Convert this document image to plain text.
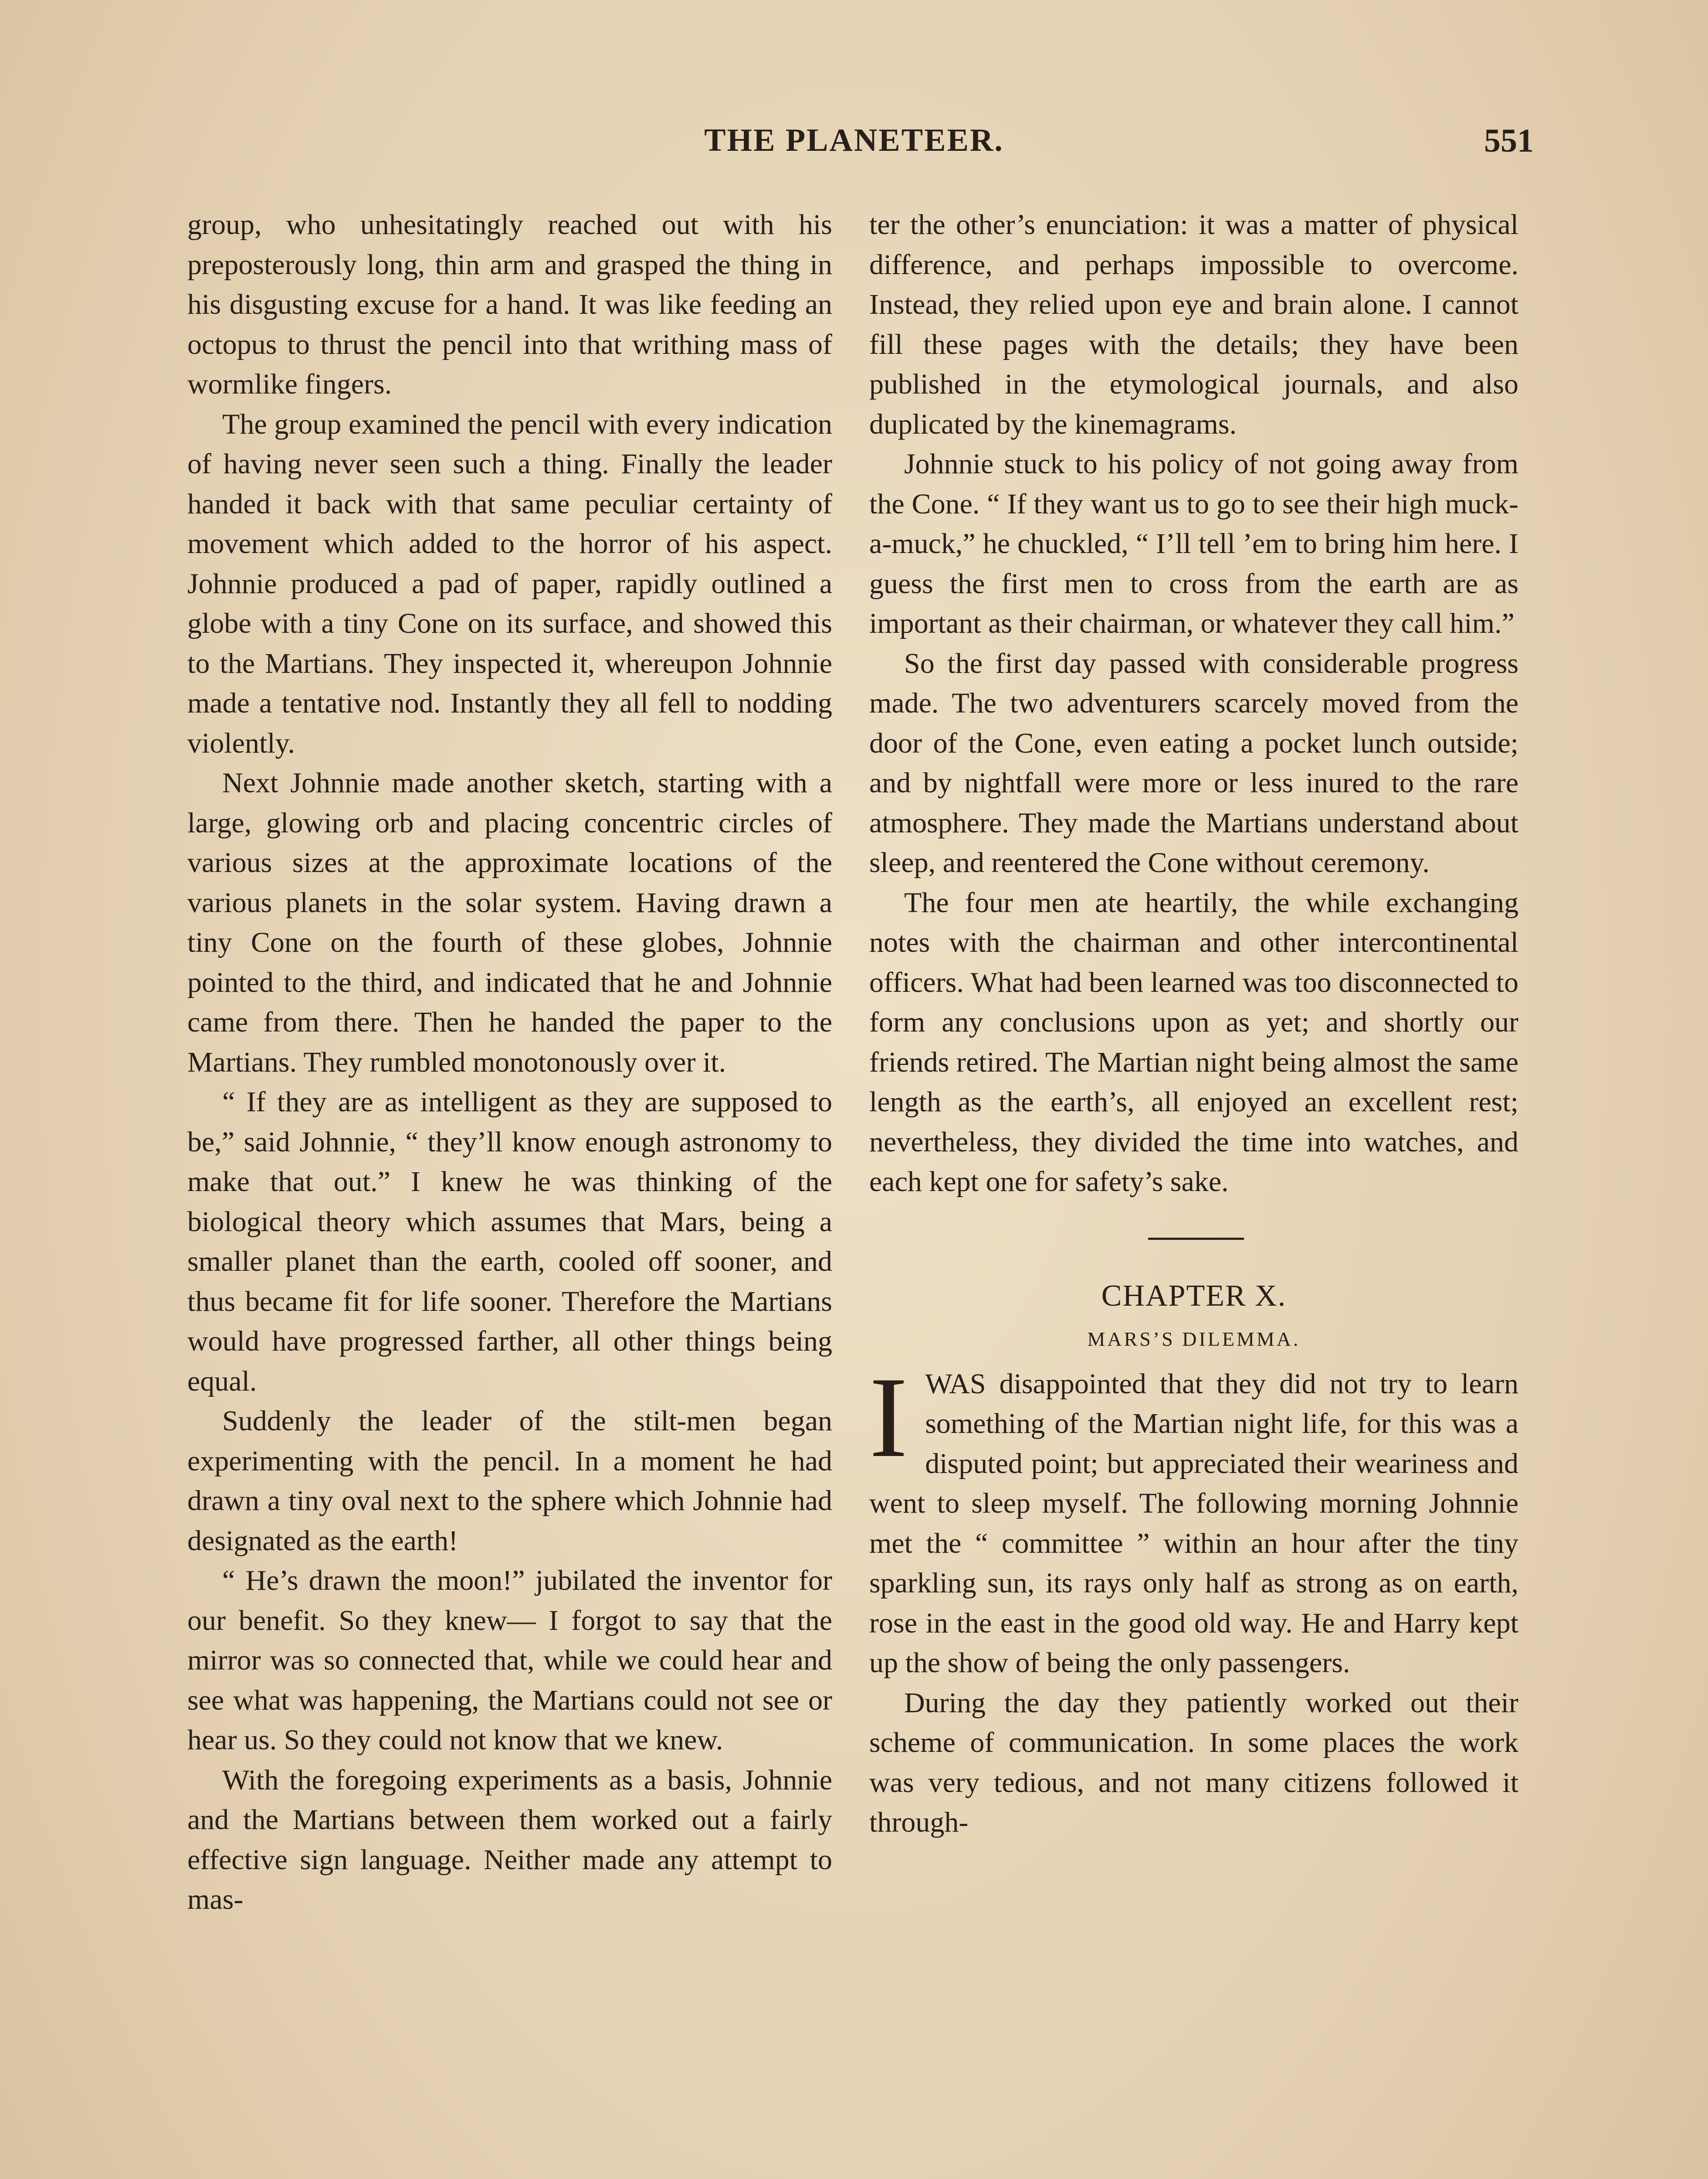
THE PLANETEER.	551

group, who unhesitatingly reached out with his preposterously long, thin arm and grasped the thing in his disgusting excuse for a hand. It was like feeding an octopus to thrust the pencil into that writhing mass of wormlike fingers.

The group examined the pencil with every indication of having never seen such a thing. Finally the leader handed it back with that same peculiar certainty of movement which added to the horror of his aspect. Johnnie produced a pad of paper, rapidly outlined a globe with a tiny Cone on its surface, and showed this to the Martians. They inspected it, whereupon Johnnie made a tentative nod. Instantly they all fell to nodding violently.

Next Johnnie made another sketch, starting with a large, glowing orb and placing concentric circles of various sizes at the approximate locations of the various planets in the solar system. Having drawn a tiny Cone on the fourth of these globes, Johnnie pointed to the third, and indicated that he and Johnnie came from there. Then he handed the paper to the Martians. They rumbled monotonously over it.

“ If they are as intelligent as they are supposed to be,” said Johnnie, “ they’ll know enough astronomy to make that out.” I knew he was thinking of the biological theory which assumes that Mars, being a smaller planet than the earth, cooled off sooner, and thus became fit for life sooner. Therefore the Martians would have progressed farther, all other things being equal.

Suddenly the leader of the stilt-men began experimenting with the pencil. In a moment he had drawn a tiny oval next to the sphere which Johnnie had designated as the earth!

“ He’s drawn the moon!” jubilated the inventor for our benefit. So they knew— I forgot to say that the mirror was so connected that, while we could hear and see what was happening, the Martians could not see or hear us. So they could not know that we knew.

With the foregoing experiments as a basis, Johnnie and the Martians between them worked out a fairly effective sign language. Neither made any attempt to mas-

ter the other’s enunciation: it was a matter of physical difference, and perhaps impossible to overcome. Instead, they relied upon eye and brain alone. I cannot fill these pages with the details; they have been published in the etymological journals, and also duplicated by the kinemagrams.

Johnnie stuck to his policy of not going away from the Cone. “ If they want us to go to see their high muck-a-muck,” he chuckled, “ I’ll tell ’em to bring him here. I guess the first men to cross from the earth are as important as their chairman, or whatever they call him.”

So the first day passed with considerable progress made. The two adventurers scarcely moved from the door of the Cone, even eating a pocket lunch outside; and by nightfall were more or less inured to the rare atmosphere. They made the Martians understand about sleep, and reentered the Cone without ceremony.

The four men ate heartily, the while exchanging notes with the chairman and other intercontinental officers. What had been learned was too disconnected to form any conclusions upon as yet; and shortly our friends retired. The Martian night being almost the same length as the earth’s, all enjoyed an excellent rest; nevertheless, they divided the time into watches, and each kept one for safety’s sake.

CHAPTER X.
MARS’S DILEMMA.

IWAS disappointed that they did not try to learn something of the Martian night life, for this was a disputed point; but appreciated their weariness and went to sleep myself. The following morning Johnnie met the “ committee ” within an hour after the tiny sparkling sun, its rays only half as strong as on earth, rose in the east in the good old way. He and Harry kept up the show of being the only passengers.

During the day they patiently worked out their scheme of communication. In some places the work was very tedious, and not many citizens followed it through-
